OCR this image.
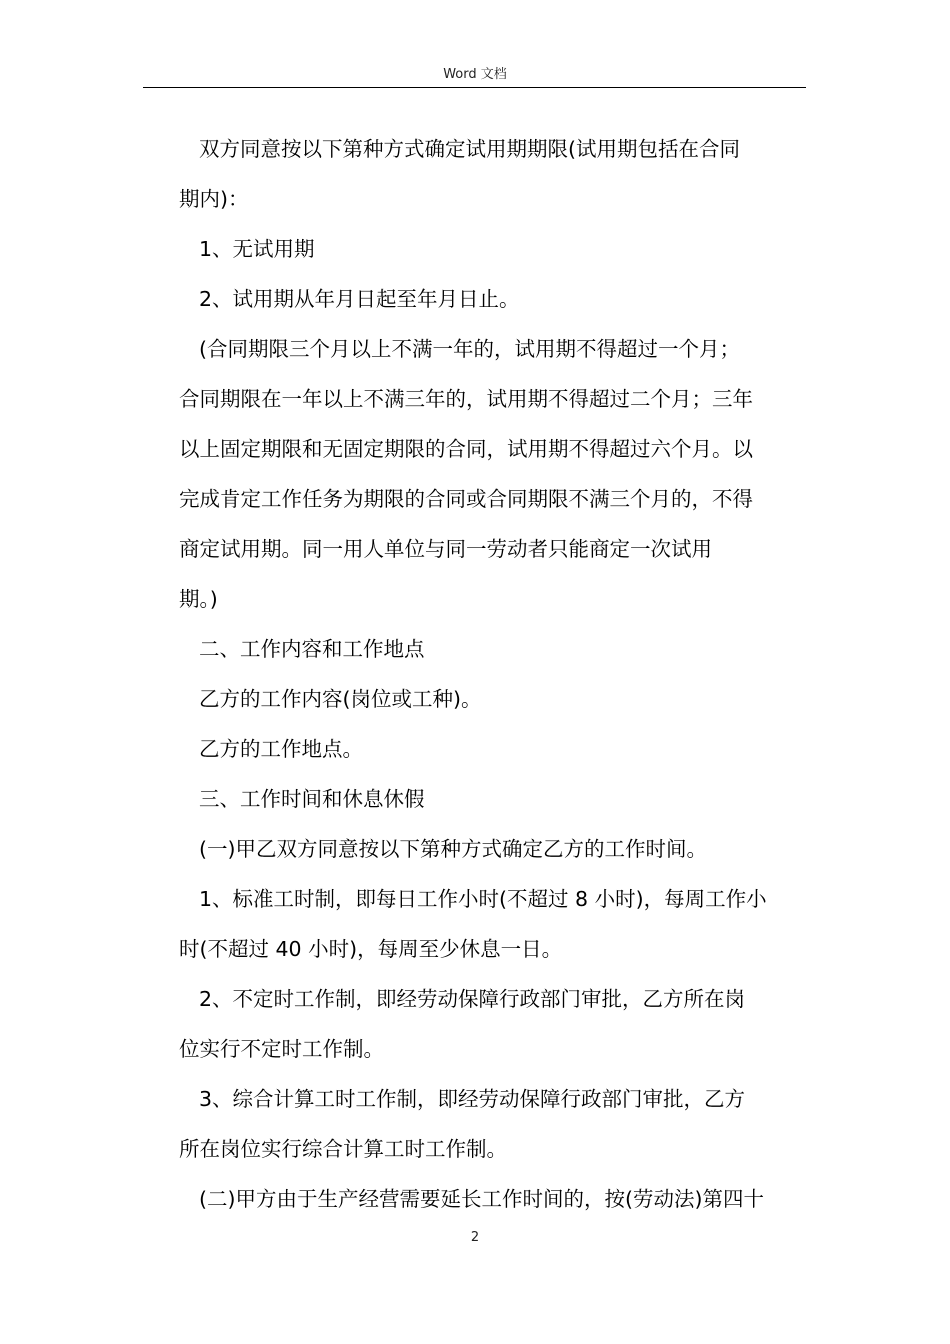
Word 文档
双方同意按以下第种方式确定试用期期限(试用期包括在合同
期内)：
1、无试用期
2、试用期从年月日起至年月日止。
(合同期限三个月以上不满一年的，试用期不得超过一个月；
合同期限在一年以上不满三年的，试用期不得超过二个月；三年
以上固定期限和无固定期限的合同，试用期不得超过六个月。以
完成肯定工作任务为期限的合同或合同期限不满三个月的，不得
商定试用期。同一用人单位与同一劳动者只能商定一次试用
期。)
二、工作内容和工作地点
乙方的工作内容(岗位或工种)。
乙方的工作地点。
三、工作时间和休息休假
(一)甲乙双方同意按以下第种方式确定乙方的工作时间。
1、标准工时制，即每日工作小时(不超过 8 小时)，每周工作小
时(不超过 40 小时)，每周至少休息一日。
2、不定时工作制，即经劳动保障行政部门审批，乙方所在岗
位实行不定时工作制。
3、综合计算工时工作制，即经劳动保障行政部门审批，乙方
所在岗位实行综合计算工时工作制。
(二)甲方由于生产经营需要延长工作时间的，按(劳动法)第四十
2
